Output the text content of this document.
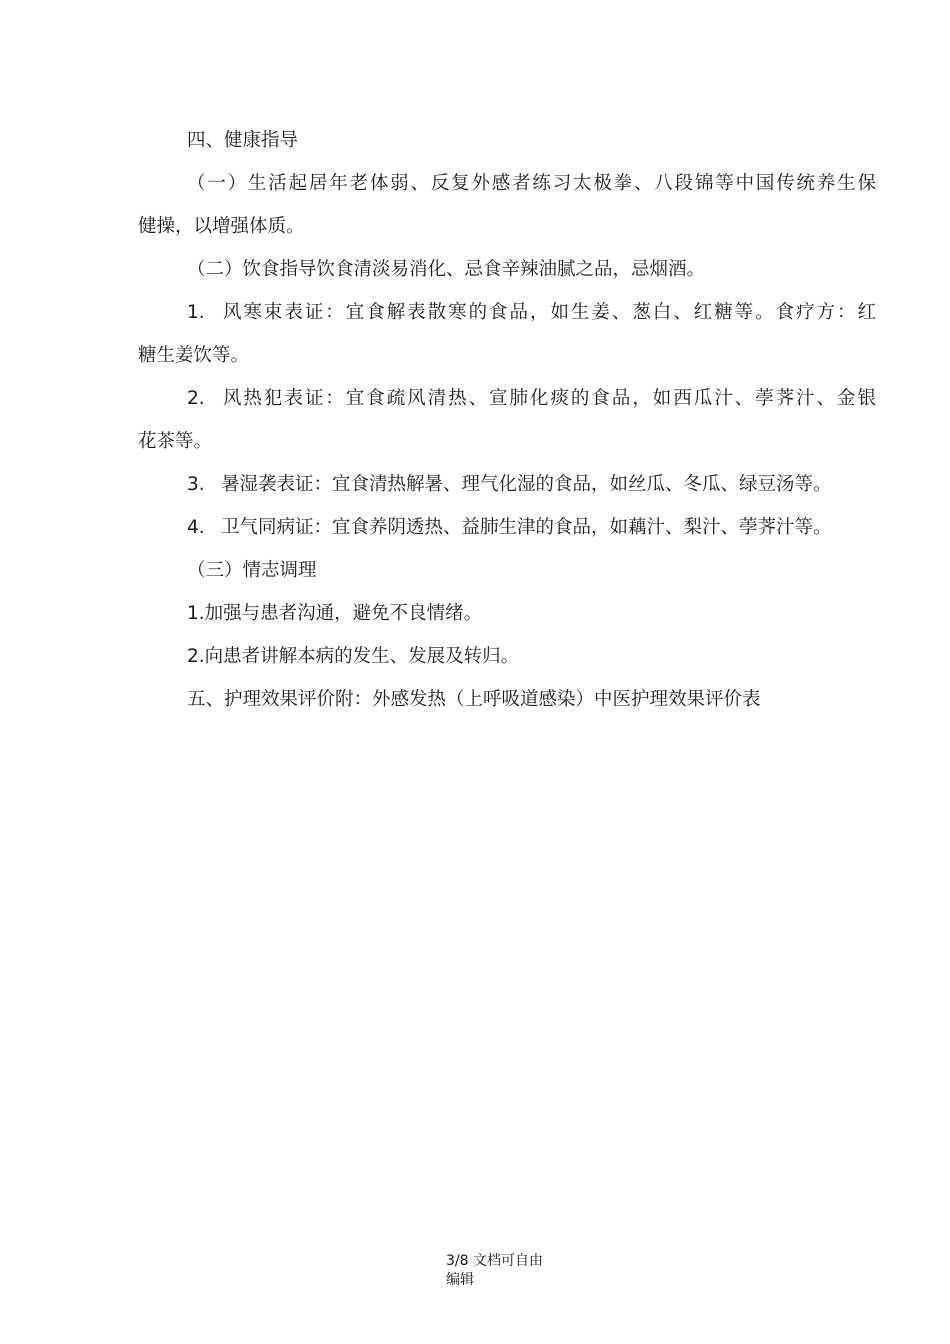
四、健康指导
（一）生活起居年老体弱、反复外感者练习太极拳、八段锦等中国传统养生保
健操，以增强体质。
（二）饮食指导饮食清淡易消化、忌食辛辣油腻之品，忌烟酒。
1. 风寒束表证：宜食解表散寒的食品，如生姜、葱白、红糖等。食疗方：红
糖生姜饮等。
2. 风热犯表证：宜食疏风清热、宣肺化痰的食品，如西瓜汁、荸荠汁、金银
花茶等。
3. 暑湿袭表证：宜食清热解暑、理气化湿的食品，如丝瓜、冬瓜、绿豆汤等。
4. 卫气同病证：宜食养阴透热、益肺生津的食品，如藕汁、梨汁、荸荠汁等。
（三）情志调理
1.加强与患者沟通，避免不良情绪。
2.向患者讲解本病的发生、发展及转归。
五、护理效果评价附：外感发热（上呼吸道感染）中医护理效果评价表
3/8 文档可自由
编辑
